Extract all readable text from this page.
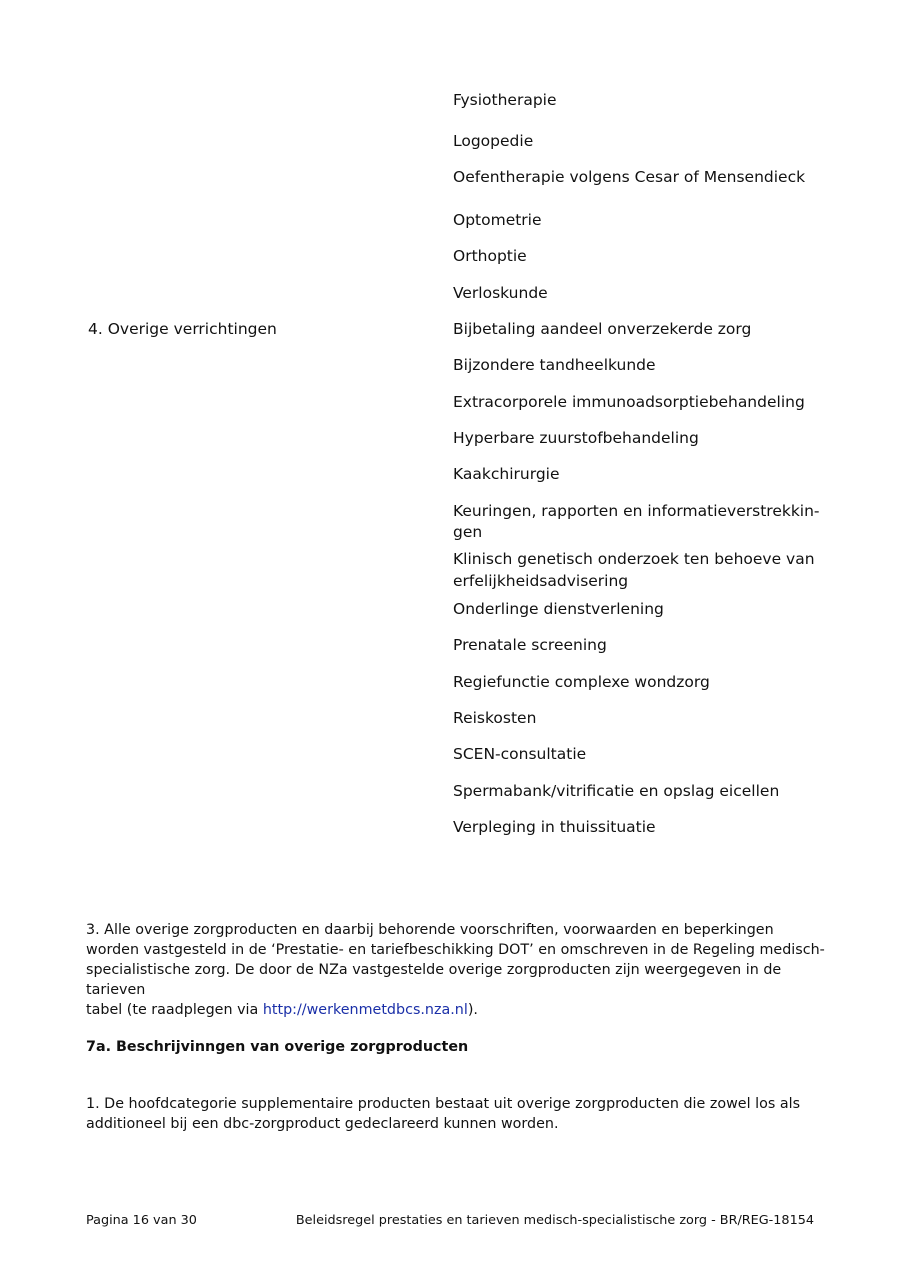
Fysiotherapie
Logopedie
Oefentherapie volgens Cesar of Mensendieck
Optometrie
Orthoptie
Verloskunde
Bijbetaling aandeel onverzekerde zorg
Bijzondere tandheelkunde
Extracorporele immunoadsorptiebehandeling
Hyperbare zuurstofbehandeling
Kaakchirurgie
Keuringen, rapporten en informatieverstrekkin-
gen
Klinisch genetisch onderzoek ten behoeve van
erfelijkheidsadvisering
Onderlinge dienstverlening
Prenatale screening
Regiefunctie complexe wondzorg
Reiskosten
SCEN-consultatie
Spermabank/vitrificatie en opslag eicellen
Verpleging in thuissituatie
4. Overige verrichtingen
3. Alle overige zorgproducten en daarbij behorende voorschriften, voorwaarden en beperkingen
worden vastgesteld in de ‘Prestatie- en tariefbeschikking DOT’ en omschreven in de Regeling medisch-
specialistische zorg. De door de NZa vastgestelde overige zorgproducten zijn weergegeven in de tarieven
tabel (te raadplegen via http://werkenmetdbcs.nza.nl).
7a. Beschrijvinngen van overige zorgproducten
1. De hoofdcategorie supplementaire producten bestaat uit overige zorgproducten die zowel los als
additioneel bij een dbc-zorgproduct gedeclareerd kunnen worden.
Pagina 16 van 30	Beleidsregel prestaties en tarieven medisch-specialistische zorg - BR/REG-18154
